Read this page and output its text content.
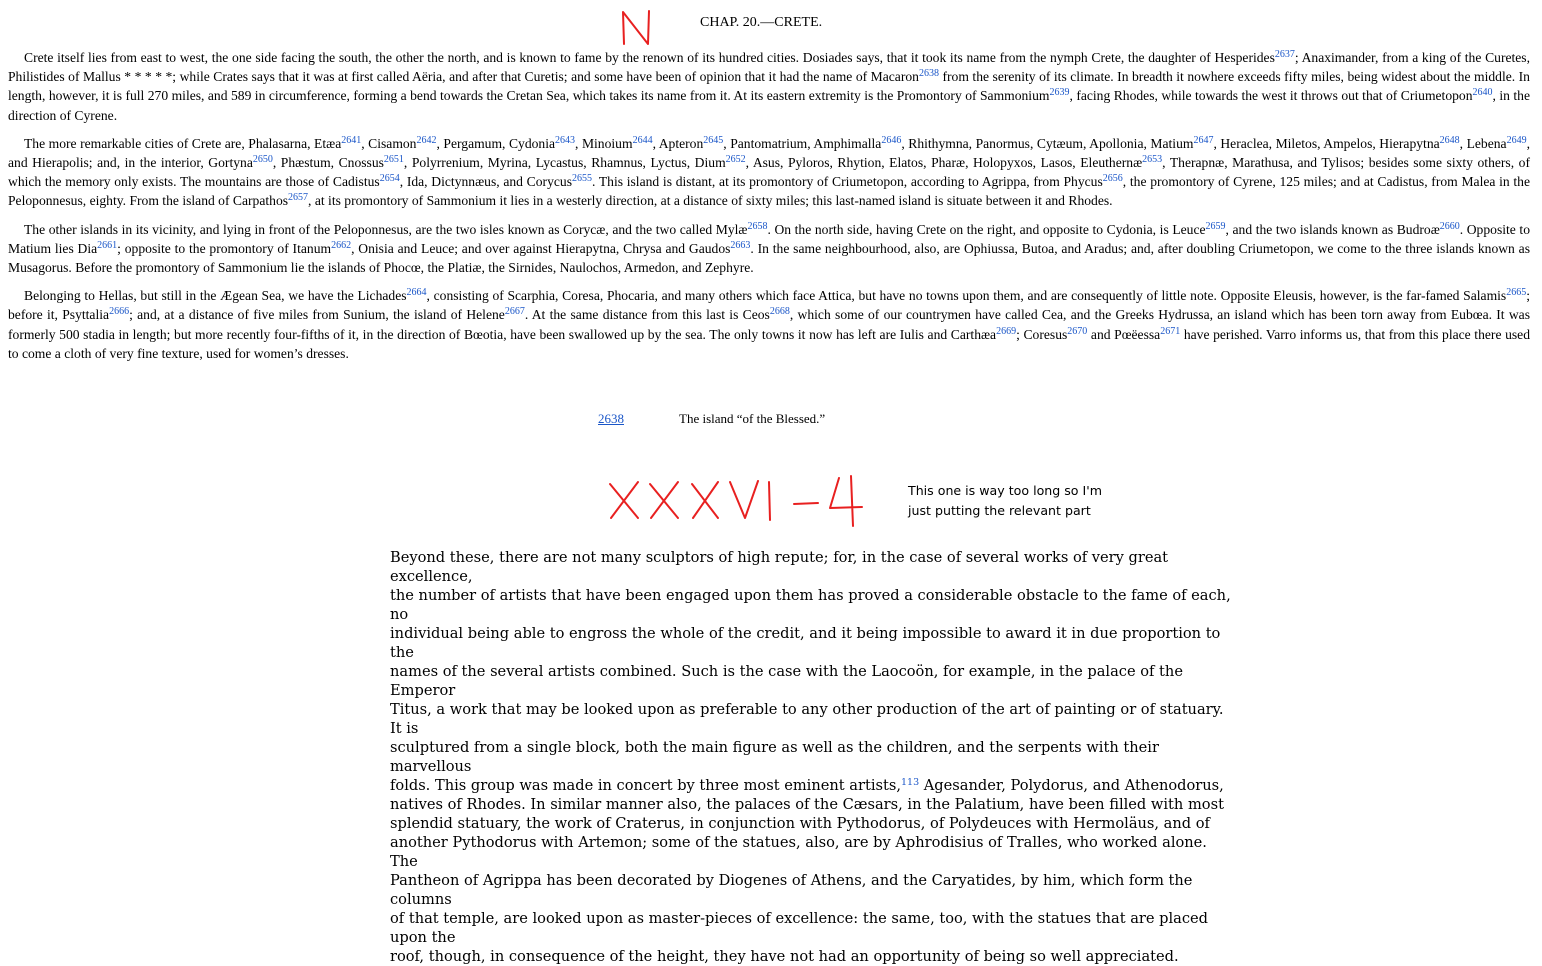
CHAP. 20.—CRETE.

Crete itself lies from east to west, the one side facing the south, the other the north, and is known to fame by the renown of its hundred cities. Dosiades says, that it took its name from the nymph Crete, the daughter of Hesperides$^{2637}$; Anaximander, from a king of the Curetes, Philistides of Mallus * * * * *; while Crates says that it was at first called Aëria, and after that Curetis; and some have been of opinion that it had the name of Macaron$^{2638}$ from the serenity of its climate. In breadth it nowhere exceeds fifty miles, being widest about the middle. In length, however, it is full 270 miles, and 589 in circumference, forming a bend towards the Cretan Sea, which takes its name from it. At its eastern extremity is the Promontory of Sammonium$^{2639}$, facing Rhodes, while towards the west it throws out that of Criumetopon$^{2640}$, in the direction of Cyrene.

The more remarkable cities of Crete are, Phalasarna, Etæa$^{2641}$, Cisamon$^{2642}$, Pergamum, Cydonia$^{2643}$, Minoium$^{2644}$, Apteron$^{2645}$, Pantomatrium, Amphimalla$^{2646}$, Rhithymna, Panormus, Cytæum, Apollonia, Matium$^{2647}$, Heraclea, Miletos, Ampelos, Hierapytna$^{2648}$, Lebena$^{2649}$, and Hierapolis; and, in the interior, Gortyna$^{2650}$, Phæstum, Cnossus$^{2651}$, Polyrrenium, Myrina, Lycastus, Rhamnus, Lyctus, Dium$^{2652}$, Asus, Pyloros, Rhytion, Elatos, Pharæ, Holopyxos, Lasos, Eleuthernæ$^{2653}$, Therapnæ, Marathusa, and Tylisos; besides some sixty others, of which the memory only exists. The mountains are those of Cadistus$^{2654}$, Ida, Dictynnæus, and Corycus$^{2655}$. This island is distant, at its promontory of Criumetopon, according to Agrippa, from Phycus$^{2656}$, the promontory of Cyrene, 125 miles; and at Cadistus, from Malea in the Peloponnesus, eighty. From the island of Carpathos$^{2657}$, at its promontory of Sammonium it lies in a westerly direction, at a distance of sixty miles; this last-named island is situate between it and Rhodes.

The other islands in its vicinity, and lying in front of the Peloponnesus, are the two isles known as Corycæ, and the two called Mylæ$^{2658}$. On the north side, having Crete on the right, and opposite to Cydonia, is Leuce$^{2659}$, and the two islands known as Budroæ$^{2660}$. Opposite to Matium lies Dia$^{2661}$; opposite to the promontory of Itanum$^{2662}$, Onisia and Leuce; and over against Hierapytna, Chrysa and Gaudos$^{2663}$. In the same neighbourhood, also, are Ophiussa, Butoa, and Aradus; and, after doubling Criumetopon, we come to the three islands known as Musagorus. Before the promontory of Sammonium lie the islands of Phocœ, the Platiæ, the Sirnides, Naulochos, Armedon, and Zephyre.

Belonging to Hellas, but still in the Ægean Sea, we have the Lichades$^{2664}$, consisting of Scarphia, Coresa, Phocaria, and many others which face Attica, but have no towns upon them, and are consequently of little note. Opposite Eleusis, however, is the far-famed Salamis$^{2665}$; before it, Psyttalia$^{2666}$; and, at a distance of five miles from Sunium, the island of Helene$^{2667}$. At the same distance from this last is Ceos$^{2668}$, which some of our countrymen have called Cea, and the Greeks Hydrussa, an island which has been torn away from Eubœa. It was formerly 500 stadia in length; but more recently four-fifths of it, in the direction of Bœotia, have been swallowed up by the sea. The only towns it now has left are Iulis and Carthæa$^{2669}$; Coresus$^{2670}$ and Pœëessa$^{2671}$ have perished. Varro informs us, that from this place there used to come a cloth of very fine texture, used for women’s dresses.

2638	The island “of the Blessed.”
This one is way too long so I'm
just putting the relevant part
Beyond these, there are not many sculptors of high repute; for, in the case of several works of very great excellence,
the number of artists that have been engaged upon them has proved a considerable obstacle to the fame of each, no
individual being able to engross the whole of the credit, and it being impossible to award it in due proportion to the
names of the several artists combined. Such is the case with the Laocoön, for example, in the palace of the Emperor
Titus, a work that may be looked upon as preferable to any other production of the art of painting or of statuary. It is
sculptured from a single block, both the main figure as well as the children, and the serpents with their marvellous
folds. This group was made in concert by three most eminent artists,$^{113}$ Agesander, Polydorus, and Athenodorus,
natives of Rhodes. In similar manner also, the palaces of the Cæsars, in the Palatium, have been filled with most
splendid statuary, the work of Craterus, in conjunction with Pythodorus, of Polydeuces with Hermoläus, and of
another Pythodorus with Artemon; some of the statues, also, are by Aphrodisius of Tralles, who worked alone. The
Pantheon of Agrippa has been decorated by Diogenes of Athens, and the Caryatides, by him, which form the columns
of that temple, are looked upon as master-pieces of excellence: the same, too, with the statues that are placed upon the
roof, though, in consequence of the height, they have not had an opportunity of being so well appreciated.
